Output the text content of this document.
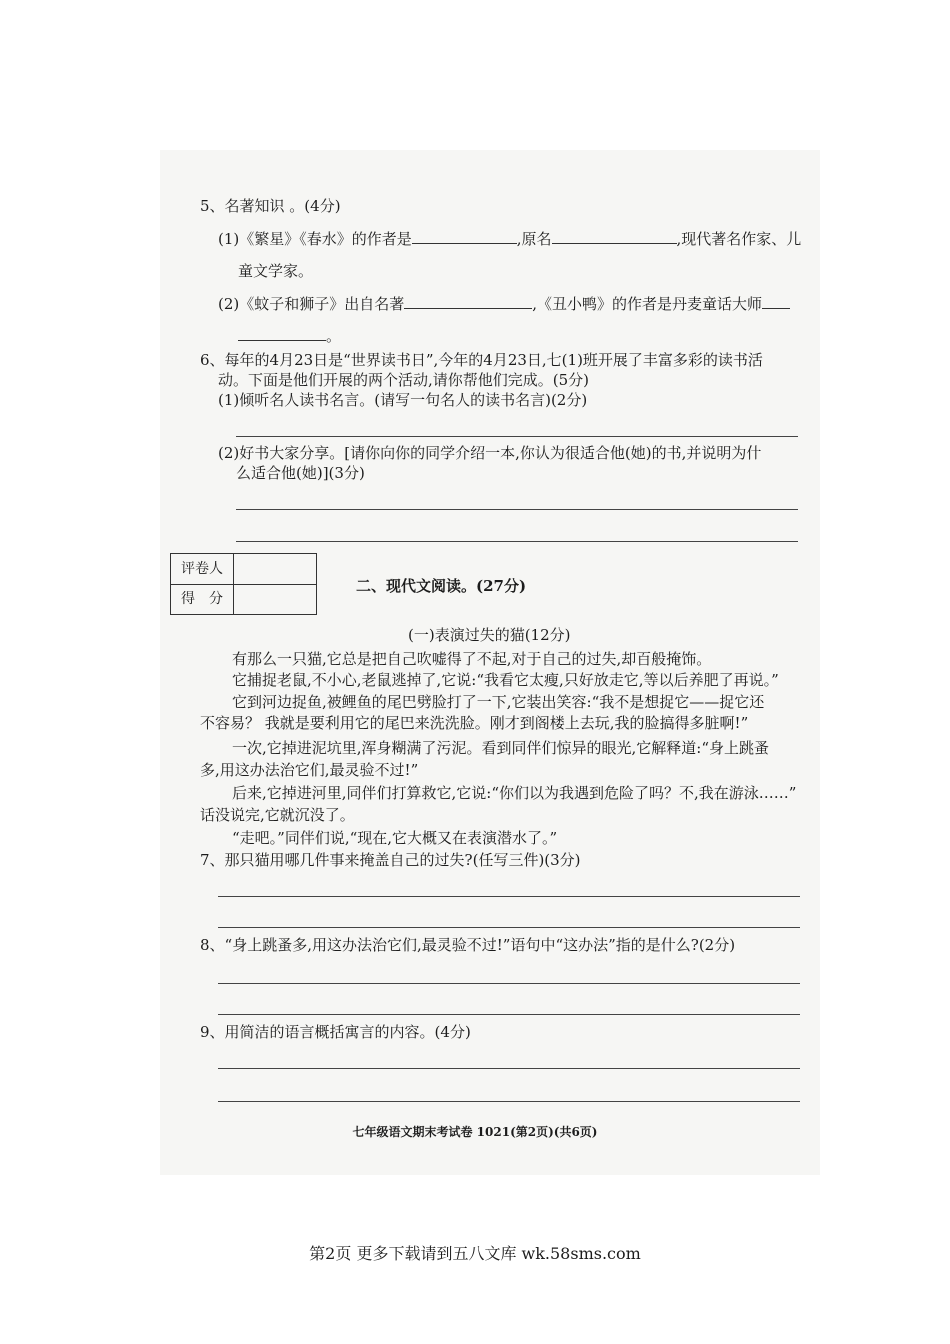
5、名著知识 。(4分)
(1)《繁星》《春水》的作者是	,原名	,现代著名作家、儿
童文学家。
(2)《蚊子和狮子》出自名著	,《丑小鸭》的作者是丹麦童话大师
。
6、每年的4月23日是“世界读书日”,今年的4月23日,七(1)班开展了丰富多彩的读书活
动。下面是他们开展的两个活动,请你帮他们完成。(5分)
(1)倾听名人读书名言。(请写一句名人的读书名言)(2分)
(2)好书大家分享。[请你向你的同学介绍一本,你认为很适合他(她)的书,并说明为什
么适合他(她)](3分)
评卷人
得　分
二、现代文阅读。(27分)
(一)表演过失的猫(12分)
有那么一只猫,它总是把自己吹嘘得了不起,对于自己的过失,却百般掩饰。
它捕捉老鼠,不小心,老鼠逃掉了,它说:“我看它太瘦,只好放走它,等以后养肥了再说。”
它到河边捉鱼,被鲤鱼的尾巴劈脸打了一下,它装出笑容:“我不是想捉它——捉它还
不容易？ 我就是要利用它的尾巴来洗洗脸。刚才到阁楼上去玩,我的脸搞得多脏啊!”
一次,它掉进泥坑里,浑身糊满了污泥。看到同伴们惊异的眼光,它解释道:“身上跳蚤
多,用这办法治它们,最灵验不过!”
后来,它掉进河里,同伴们打算救它,它说:“你们以为我遇到危险了吗？不,我在游泳……”
话没说完,它就沉没了。
“走吧。”同伴们说,“现在,它大概又在表演潜水了。”
7、那只猫用哪几件事来掩盖自己的过失?(任写三件)(3分)
8、“身上跳蚤多,用这办法治它们,最灵验不过!”语句中“这办法”指的是什么?(2分)
9、用简洁的语言概括寓言的内容。(4分)
七年级语文期末考试卷 1021(第2页)(共6页)
第2页 更多下载请到五八文库 wk.58sms.com
